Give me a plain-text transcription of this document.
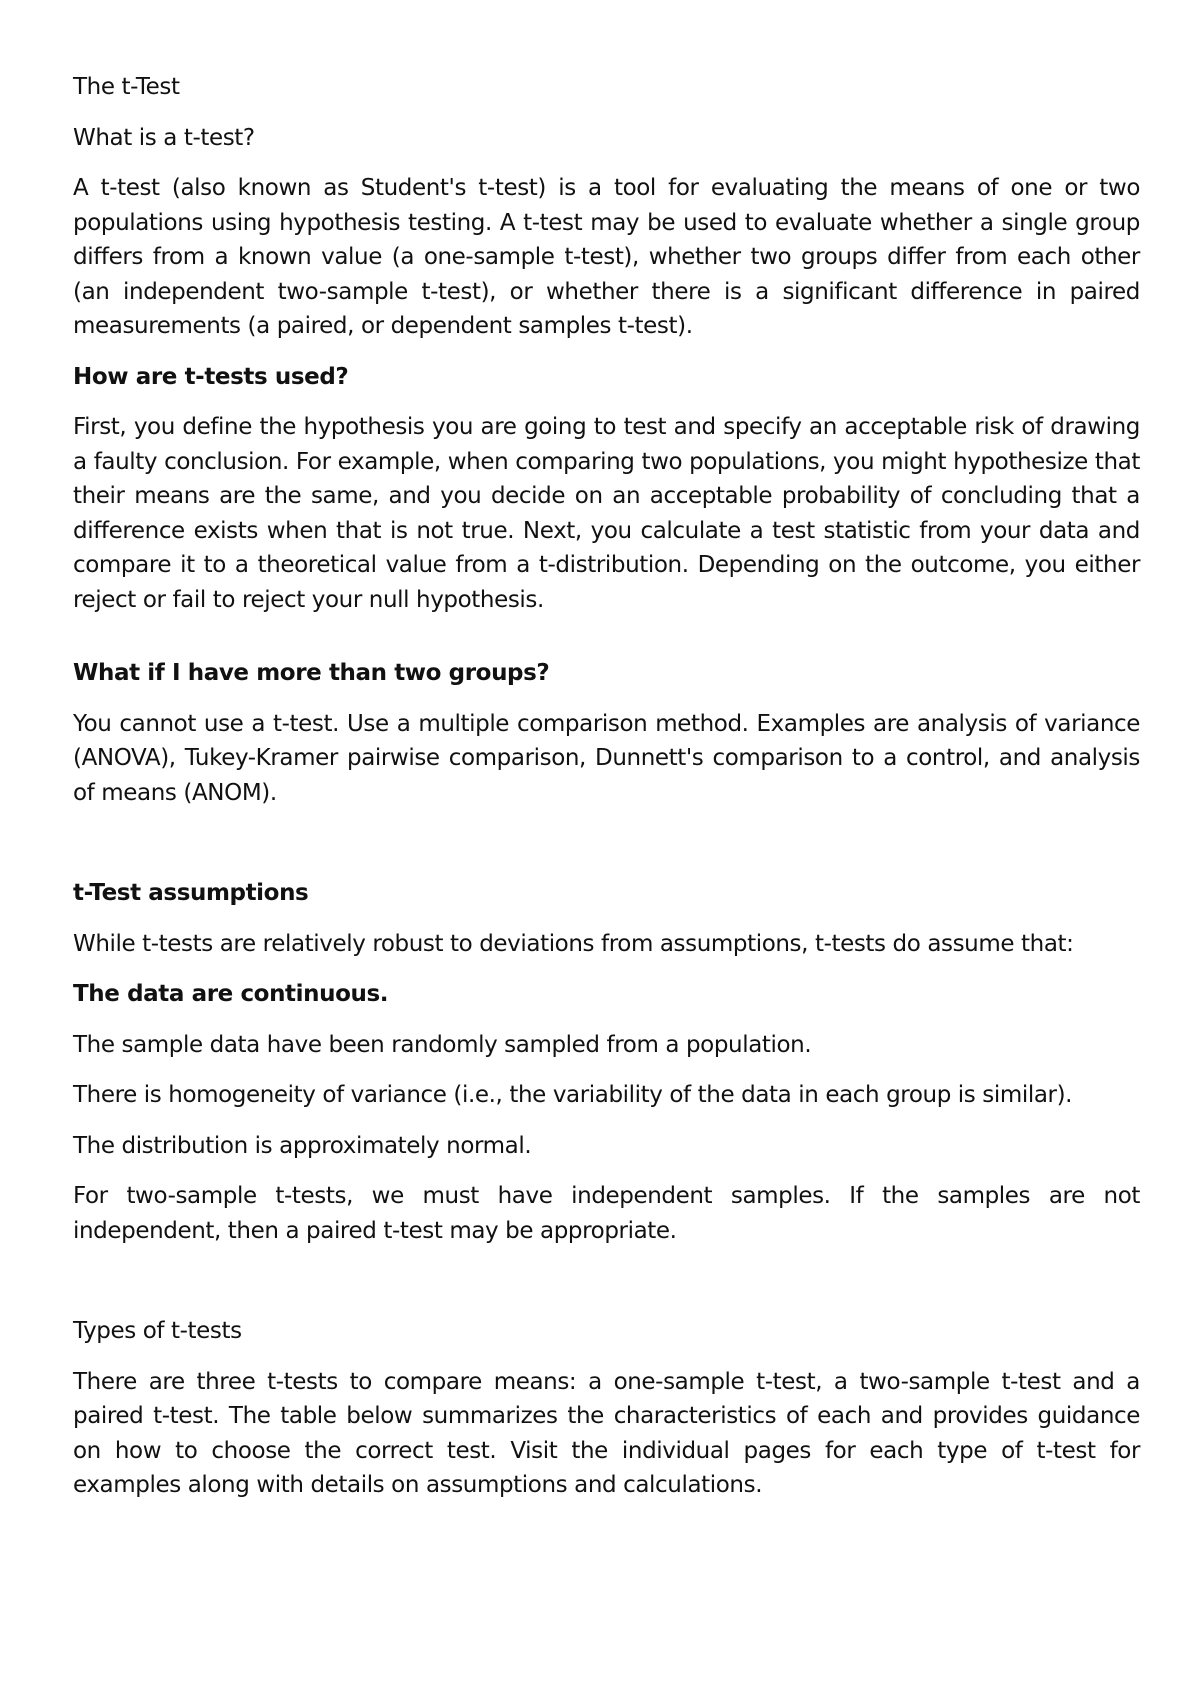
The t-Test

What is a t-test?

A t-test (also known as Student's t-test) is a tool for evaluating the means of one or two populations using hypothesis testing. A t-test may be used to evaluate whether a single group differs from a known value (a one-sample t-test), whether two groups differ from each other (an independent two-sample t-test), or whether there is a significant difference in paired measurements (a paired, or dependent samples t-test).

How are t-tests used?

First, you define the hypothesis you are going to test and specify an acceptable risk of drawing a faulty conclusion. For example, when comparing two populations, you might hypothesize that their means are the same, and you decide on an acceptable probability of concluding that a difference exists when that is not true. Next, you calculate a test statistic from your data and compare it to a theoretical value from a t-distribution. Depending on the outcome, you either reject or fail to reject your null hypothesis.

What if I have more than two groups?

You cannot use a t-test. Use a multiple comparison method. Examples are analysis of variance (ANOVA), Tukey-Kramer pairwise comparison, Dunnett's comparison to a control, and analysis of means (ANOM).

t-Test assumptions

While t-tests are relatively robust to deviations from assumptions, t-tests do assume that:

The data are continuous.

The sample data have been randomly sampled from a population.

There is homogeneity of variance (i.e., the variability of the data in each group is similar).

The distribution is approximately normal.

For two-sample t-tests, we must have independent samples. If the samples are not independent, then a paired t-test may be appropriate.

Types of t-tests

There are three t-tests to compare means: a one-sample t-test, a two-sample t-test and a paired t-test. The table below summarizes the characteristics of each and provides guidance on how to choose the correct test. Visit the individual pages for each type of t-test for examples along with details on assumptions and calculations.
